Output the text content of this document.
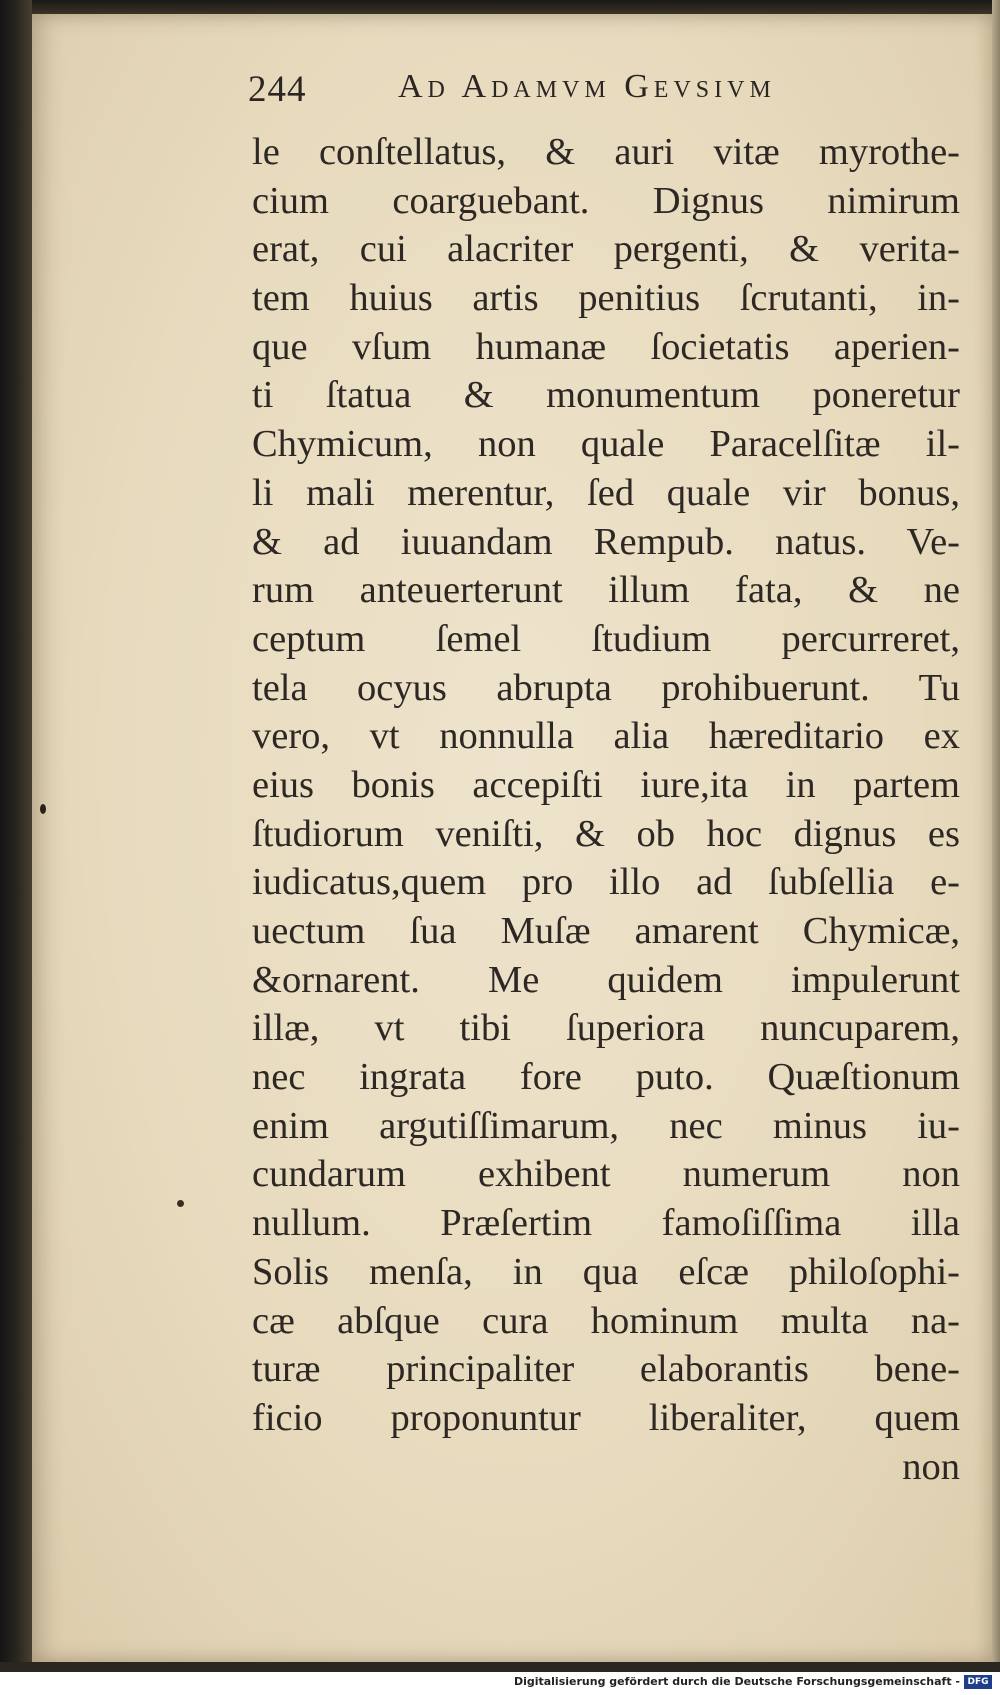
244	Ad Adamvm Gevsivm
le conſtellatus, & auri vitæ myrothe-
cium coarguebant. Dignus nimirum
erat, cui alacriter pergenti, & verita-
tem huius artis penitius ſcrutanti, in-
que vſum humanæ ſocietatis aperien-
ti ſtatua & monumentum poneretur
Chymicum, non quale Paracelſitæ il-
li mali merentur, ſed quale vir bonus,
& ad iuuandam Rempub. natus. Ve-
rum anteuerterunt illum fata, & ne
ceptum ſemel ſtudium percurreret,
tela ocyus abrupta prohibuerunt. Tu
vero, vt nonnulla alia hæreditario ex
eius bonis accepiſti iure,ita in partem
ſtudiorum veniſti, & ob hoc dignus es
iudicatus,quem pro illo ad ſubſellia e-
uectum ſua Muſæ amarent Chymicæ,
&ornarent. Me quidem impulerunt
illæ, vt tibi ſuperiora nuncuparem,
nec ingrata fore puto. Quæſtionum
enim argutiſſimarum, nec minus iu-
cundarum exhibent numerum non
nullum. Præſertim famoſiſſima illa
Solis menſa, in qua eſcæ philoſophi-
cæ abſque cura hominum multa na-
turæ principaliter elaborantis bene-
ficio proponuntur liberaliter, quem
non
Digitalisierung gefördert durch die Deutsche Forschungsgemeinschaft - DFG
